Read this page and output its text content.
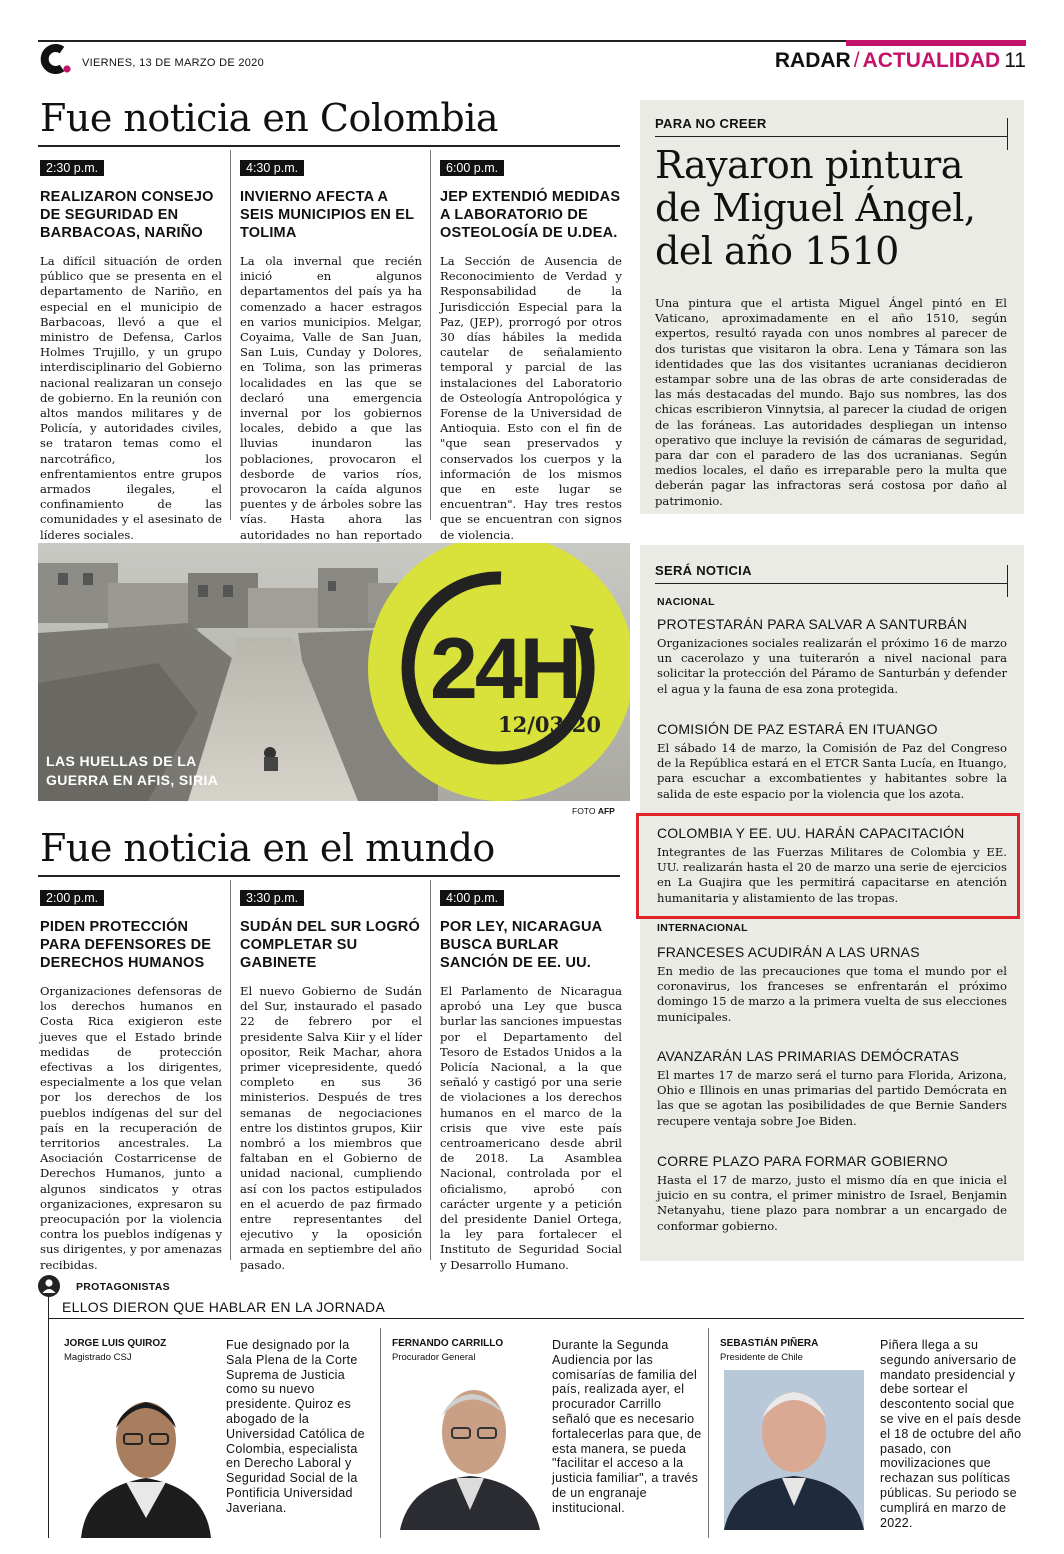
VIERNES, 13 DE MARZO DE 2020	RADAR / ACTUALIDAD 11
Fue noticia en Colombia
2:30 p.m.
REALIZARON CONSEJO DE SEGURIDAD EN BARBACOAS, NARIÑO
La difícil situación de orden público que se presenta en el departamento de Nariño, en especial en el municipio de Barbacoas, llevó a que el ministro de Defensa, Carlos Holmes Trujillo, y un grupo interdisciplinario del Gobierno nacional realizaran un consejo de gobierno. En la reunión con altos mandos militares y de Policía, y autoridades civiles, se trataron temas como el narcotráfico, los enfrentamientos entre grupos armados ilegales, el confinamiento de las comunidades y el asesinato de líderes sociales.
4:30 p.m.
INVIERNO AFECTA A SEIS MUNICIPIOS EN EL TOLIMA
La ola invernal que recién inició en algunos departamentos del país ya ha comenzado a hacer estragos en varios municipios. Melgar, Coyaima, Valle de San Juan, San Luis, Cunday y Dolores, en Tolima, son las primeras localidades en las que se declaró una emergencia invernal por los gobiernos locales, debido a que las lluvias inundaron las poblaciones, provocaron el desborde de varios ríos, provocaron la caída algunos puentes y de árboles sobre las vías. Hasta ahora las autoridades no han reportado
6:00 p.m.
JEP EXTENDIÓ MEDIDAS A LABORATORIO DE OSTEOLOGÍA DE U.DEA.
La Sección de Ausencia de Reconocimiento de Verdad y Responsabilidad de la Jurisdicción Especial para la Paz, (JEP), prorrogó por otros 30 días hábiles la medida cautelar de señalamiento temporal y parcial de las instalaciones del Laboratorio de Osteología Antropológica y Forense de la Universidad de Antioquia. Esto con el fin de "que sean preservados y conservados los cuerpos y la información de los mismos que en este lugar se encuentran". Hay tres restos que se encuentran con signos de violencia.
PARA NO CREER
Rayaron pintura de Miguel Ángel, del año 1510
Una pintura que el artista Miguel Ángel pintó en El Vaticano, aproximadamente en el año 1510, según expertos, resultó rayada con unos nombres al parecer de dos turistas que visitaron la obra. Lena y Támara son las identidades que las dos visitantes ucranianas decidieron estampar sobre una de las obras de arte consideradas de las más destacadas del mundo. Bajo sus nombres, las dos chicas escribieron Vinnytsia, al parecer la ciudad de origen de las foráneas. Las autoridades despliegan un intenso operativo que incluye la revisión de cámaras de seguridad, para dar con el paradero de las dos ucranianas. Según medios locales, el daño es irreparable pero la multa que deberán pagar las infractoras será costosa por daño al patrimonio.
24H
12/03/20
LAS HUELLAS DE LA
GUERRA EN AFIS, SIRIA
FOTO AFP
SERÁ NOTICIA
NACIONAL
PROTESTARÁN PARA SALVAR A SANTURBÁN
Organizaciones sociales realizarán el próximo 16 de marzo un cacerolazo y una tuiterarón a nivel nacional para solicitar la protección del Páramo de Santurbán y defender el agua y la fauna de esa zona protegida.
COMISIÓN DE PAZ ESTARÁ EN ITUANGO
El sábado 14 de marzo, la Comisión de Paz del Congreso de la República estará en el ETCR Santa Lucía, en Ituango, para escuchar a excombatientes y habitantes sobre la salida de este espacio por la violencia que los azota.
COLOMBIA Y EE. UU. HARÁN CAPACITACIÓN
Integrantes de las Fuerzas Militares de Colombia y EE. UU. realizarán hasta el 20 de marzo una serie de ejercicios en La Guajira que les permitirá capacitarse en atención humanitaria y alistamiento de las tropas.
INTERNACIONAL
FRANCESES ACUDIRÁN A LAS URNAS
En medio de las precauciones que toma el mundo por el coronavirus, los franceses se enfrentarán el próximo domingo 15 de marzo a la primera vuelta de sus elecciones municipales.
AVANZARÁN LAS PRIMARIAS DEMÓCRATAS
El martes 17 de marzo será el turno para Florida, Arizona, Ohio e Illinois en unas primarias del partido Demócrata en las que se agotan las posibilidades de que Bernie Sanders recupere ventaja sobre Joe Biden.
CORRE PLAZO PARA FORMAR GOBIERNO
Hasta el 17 de marzo, justo el mismo día en que inicia el juicio en su contra, el primer ministro de Israel, Benjamin Netanyahu, tiene plazo para nombrar a un encargado de conformar gobierno.
Fue noticia en el mundo
2:00 p.m.
PIDEN PROTECCIÓN PARA DEFENSORES DE DERECHOS HUMANOS
Organizaciones defensoras de los derechos humanos en Costa Rica exigieron este jueves que el Estado brinde medidas de protección efectivas a los dirigentes, especialmente a los que velan por los derechos de los pueblos indígenas del sur del país en la recuperación de territorios ancestrales. La Asociación Costarricense de Derechos Humanos, junto a algunos sindicatos y otras organizaciones, expresaron su preocupación por la violencia contra los pueblos indígenas y sus dirigentes, y por amenazas recibidas.
3:30 p.m.
SUDÁN DEL SUR LOGRÓ COMPLETAR SU GABINETE
El nuevo Gobierno de Sudán del Sur, instaurado el pasado 22 de febrero por el presidente Salva Kiir y el líder opositor, Reik Machar, ahora primer vicepresidente, quedó completo en sus 36 ministerios. Después de tres semanas de negociaciones entre los distintos grupos, Kiir nombró a los miembros que faltaban en el Gobierno de unidad nacional, cumpliendo así con los pactos estipulados en el acuerdo de paz firmado entre representantes del ejecutivo y la oposición armada en septiembre del año pasado.
4:00 p.m.
POR LEY, NICARAGUA BUSCA BURLAR SANCIÓN DE EE. UU.
El Parlamento de Nicaragua aprobó una Ley que busca burlar las sanciones impuestas por el Departamento del Tesoro de Estados Unidos a la Policía Nacional, a la que señaló y castigó por una serie de violaciones a los derechos humanos en el marco de la crisis que vive este país centroamericano desde abril de 2018. La Asamblea Nacional, controlada por el oficialismo, aprobó con carácter urgente y a petición del presidente Daniel Ortega, la ley para fortalecer el Instituto de Seguridad Social y Desarrollo Humano.
PROTAGONISTAS
ELLOS DIERON QUE HABLAR EN LA JORNADA
JORGE LUIS QUIROZ
Magistrado CSJ
Fue designado por la Sala Plena de la Corte Suprema de Justicia como su nuevo presidente. Quiroz es abogado de la Universidad Católica de Colombia, especialista en Derecho Laboral y Seguridad Social de la Pontificia Universidad Javeriana.
FERNANDO CARRILLO
Procurador General
Durante la Segunda Audiencia por las comisarías de familia del país, realizada ayer, el procurador Carrillo señaló que es necesario fortalecerlas para que, de esta manera, se pueda "facilitar el acceso a la justicia familiar", a través de un engranaje institucional.
SEBASTIÁN PIÑERA
Presidente de Chile
Piñera llega a su segundo aniversario de mandato presidencial y debe sortear el descontento social que se vive en el país desde el 18 de octubre del año pasado, con movilizaciones que rechazan sus políticas públicas. Su periodo se cumplirá en marzo de 2022.
